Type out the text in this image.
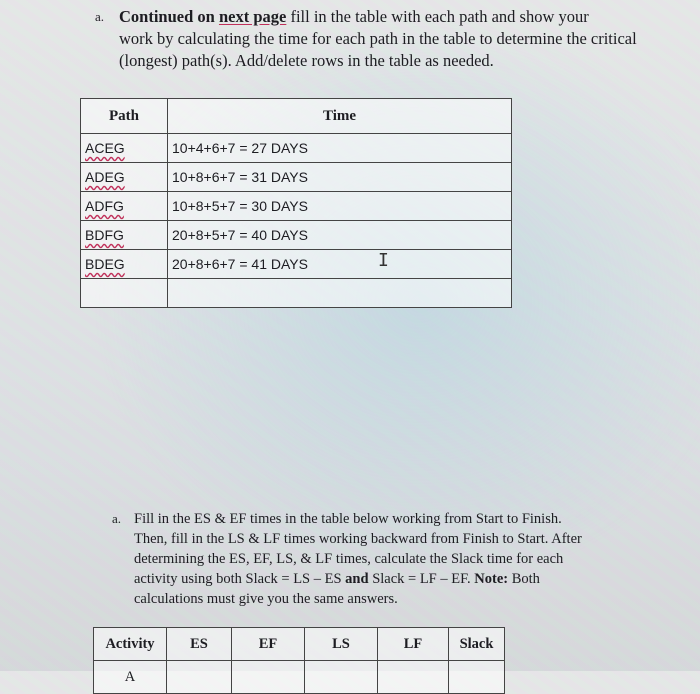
a. Continued on next page fill in the table with each path and show your
work by calculating the time for each path in the table to determine the critical
(longest) path(s). Add/delete rows in the table as needed.
Path	Time
ACEG	10+4+6+7 = 27 DAYS
ADEG	10+8+6+7 = 31 DAYS
ADFG	10+8+5+7 = 30 DAYS
BDFG	20+8+5+7 = 40 DAYS
BDEG	20+8+6+7 = 41 DAYS
		I
a. Fill in the ES & EF times in the table below working from Start to Finish.
Then, fill in the LS & LF times working backward from Finish to Start. After
determining the ES, EF, LS, & LF times, calculate the Slack time for each
activity using both Slack = LS – ES and Slack = LF – EF. Note: Both
calculations must give you the same answers.
Activity	ES	EF	LS	LF	Slack
A					
